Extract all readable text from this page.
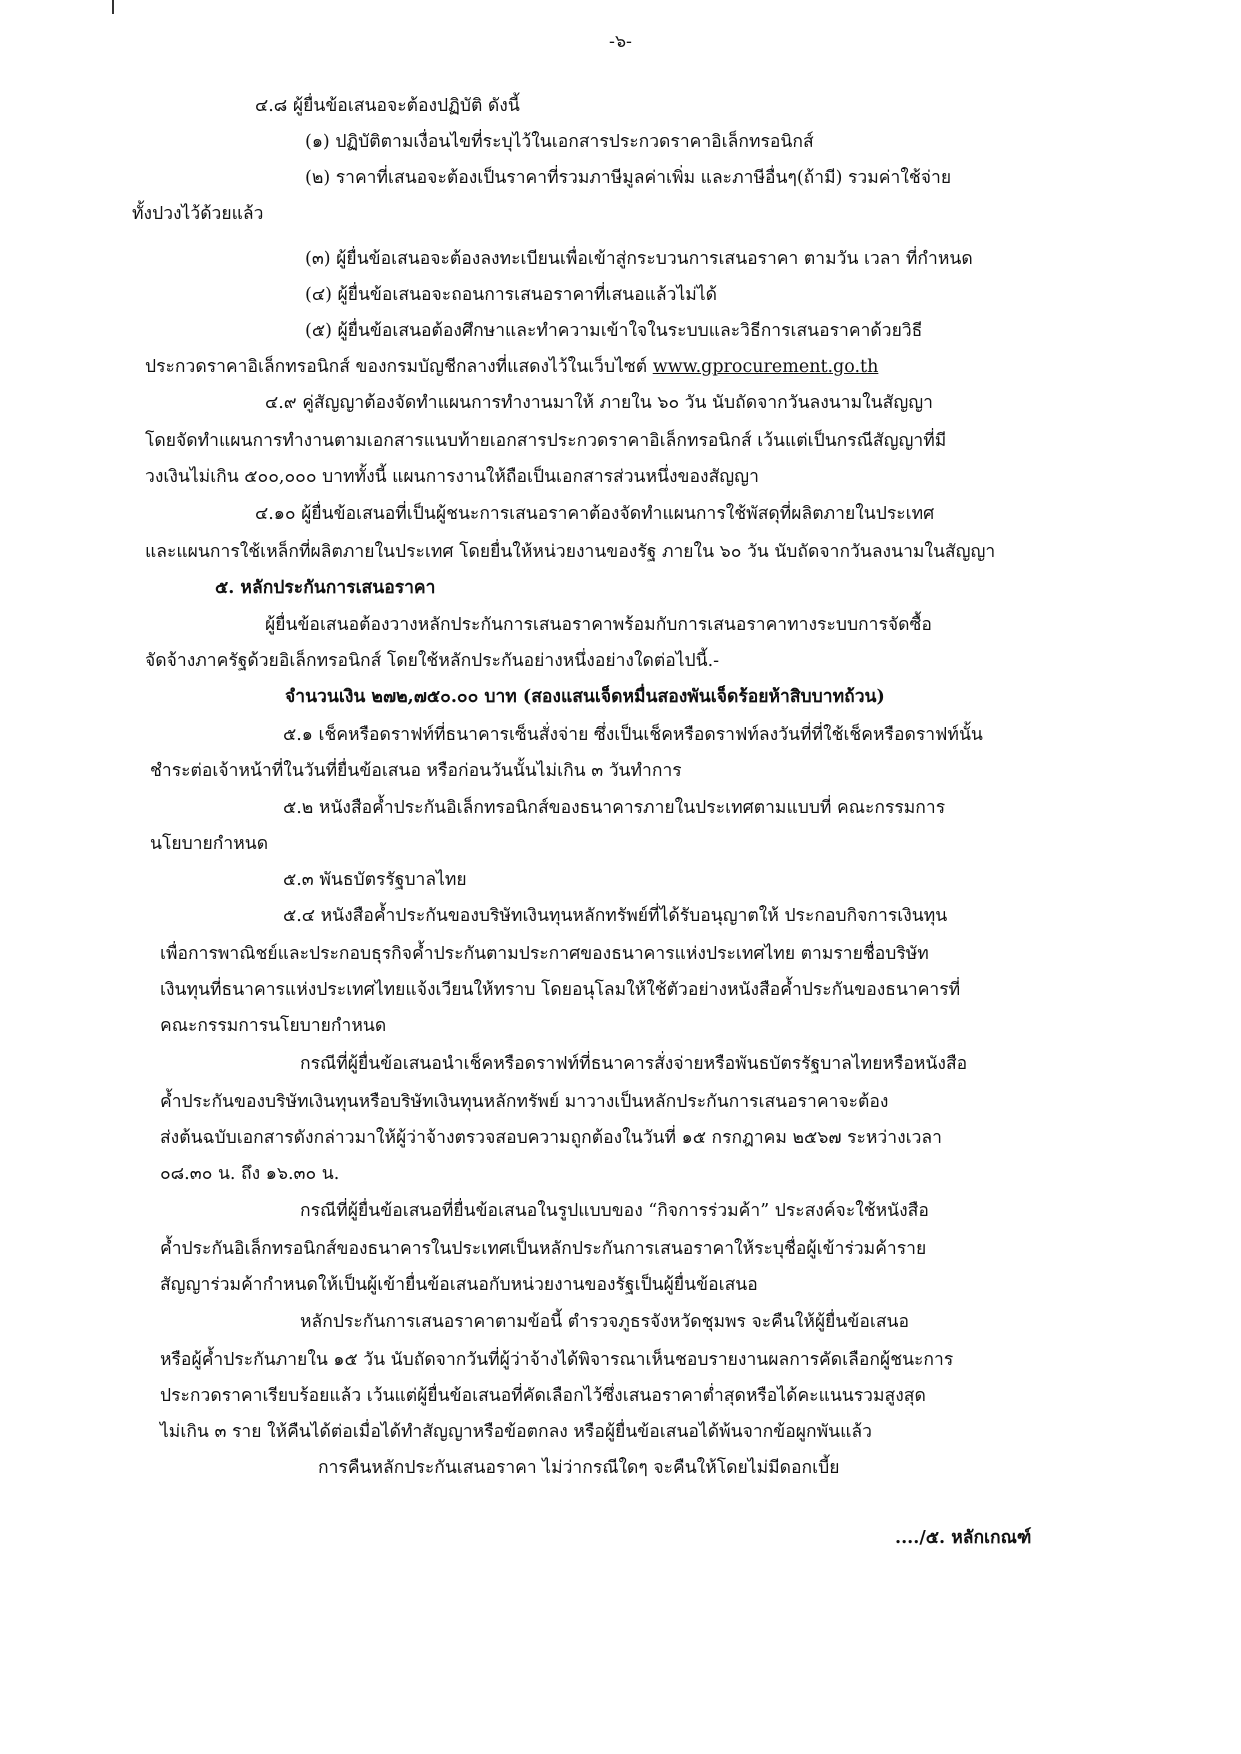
-๖-
๔.๘ ผู้ยื่นข้อเสนอจะต้องปฏิบัติ ดังนี้
(๑) ปฏิบัติตามเงื่อนไขที่ระบุไว้ในเอกสารประกวดราคาอิเล็กทรอนิกส์
(๒) ราคาที่เสนอจะต้องเป็นราคาที่รวมภาษีมูลค่าเพิ่ม และภาษีอื่นๆ(ถ้ามี) รวมค่าใช้จ่าย
ทั้งปวงไว้ด้วยแล้ว
(๓) ผู้ยื่นข้อเสนอจะต้องลงทะเบียนเพื่อเข้าสู่กระบวนการเสนอราคา ตามวัน เวลา ที่กำหนด
(๔) ผู้ยื่นข้อเสนอจะถอนการเสนอราคาที่เสนอแล้วไม่ได้
(๕) ผู้ยื่นข้อเสนอต้องศึกษาและทำความเข้าใจในระบบและวิธีการเสนอราคาด้วยวิธี
ประกวดราคาอิเล็กทรอนิกส์ ของกรมบัญชีกลางที่แสดงไว้ในเว็บไซต์ www.gprocurement.go.th
๔.๙ คู่สัญญาต้องจัดทำแผนการทำงานมาให้ ภายใน ๖๐ วัน นับถัดจากวันลงนามในสัญญา
โดยจัดทำแผนการทำงานตามเอกสารแนบท้ายเอกสารประกวดราคาอิเล็กทรอนิกส์ เว้นแต่เป็นกรณีสัญญาที่มี
วงเงินไม่เกิน ๕๐๐,๐๐๐ บาททั้งนี้ แผนการงานให้ถือเป็นเอกสารส่วนหนึ่งของสัญญา
๔.๑๐ ผู้ยื่นข้อเสนอที่เป็นผู้ชนะการเสนอราคาต้องจัดทำแผนการใช้พัสดุที่ผลิตภายในประเทศ
และแผนการใช้เหล็กที่ผลิตภายในประเทศ โดยยื่นให้หน่วยงานของรัฐ ภายใน ๖๐ วัน นับถัดจากวันลงนามในสัญญา
๕. หลักประกันการเสนอราคา
ผู้ยื่นข้อเสนอต้องวางหลักประกันการเสนอราคาพร้อมกับการเสนอราคาทางระบบการจัดซื้อ
จัดจ้างภาครัฐด้วยอิเล็กทรอนิกส์ โดยใช้หลักประกันอย่างหนึ่งอย่างใดต่อไปนี้.-
จำนวนเงิน ๒๗๒,๗๕๐.๐๐ บาท (สองแสนเจ็ดหมื่นสองพันเจ็ดร้อยห้าสิบบาทถ้วน)
๕.๑ เช็คหรือดราฟท์ที่ธนาคารเซ็นสั่งจ่าย ซึ่งเป็นเช็คหรือดราฟท์ลงวันที่ที่ใช้เช็คหรือดราฟท์นั้น
ชำระต่อเจ้าหน้าที่ในวันที่ยื่นข้อเสนอ หรือก่อนวันนั้นไม่เกิน ๓ วันทำการ
๕.๒ หนังสือค้ำประกันอิเล็กทรอนิกส์ของธนาคารภายในประเทศตามแบบที่ คณะกรรมการ
นโยบายกำหนด
๕.๓ พันธบัตรรัฐบาลไทย
๕.๔ หนังสือค้ำประกันของบริษัทเงินทุนหลักทรัพย์ที่ได้รับอนุญาตให้ ประกอบกิจการเงินทุน
เพื่อการพาณิชย์และประกอบธุรกิจค้ำประกันตามประกาศของธนาคารแห่งประเทศไทย ตามรายชื่อบริษัท
เงินทุนที่ธนาคารแห่งประเทศไทยแจ้งเวียนให้ทราบ โดยอนุโลมให้ใช้ตัวอย่างหนังสือค้ำประกันของธนาคารที่
คณะกรรมการนโยบายกำหนด
กรณีที่ผู้ยื่นข้อเสนอนำเช็คหรือดราฟท์ที่ธนาคารสั่งจ่ายหรือพันธบัตรรัฐบาลไทยหรือหนังสือ
ค้ำประกันของบริษัทเงินทุนหรือบริษัทเงินทุนหลักทรัพย์ มาวางเป็นหลักประกันการเสนอราคาจะต้อง
ส่งต้นฉบับเอกสารดังกล่าวมาให้ผู้ว่าจ้างตรวจสอบความถูกต้องในวันที่ ๑๕ กรกฎาคม ๒๕๖๗ ระหว่างเวลา
๐๘.๓๐ น. ถึง ๑๖.๓๐ น.
กรณีที่ผู้ยื่นข้อเสนอที่ยื่นข้อเสนอในรูปแบบของ “กิจการร่วมค้า” ประสงค์จะใช้หนังสือ
ค้ำประกันอิเล็กทรอนิกส์ของธนาคารในประเทศเป็นหลักประกันการเสนอราคาให้ระบุชื่อผู้เข้าร่วมค้าราย
สัญญาร่วมค้ากำหนดให้เป็นผู้เข้ายื่นข้อเสนอกับหน่วยงานของรัฐเป็นผู้ยื่นข้อเสนอ
หลักประกันการเสนอราคาตามข้อนี้ ตำรวจภูธรจังหวัดชุมพร จะคืนให้ผู้ยื่นข้อเสนอ
หรือผู้ค้ำประกันภายใน ๑๕ วัน นับถัดจากวันที่ผู้ว่าจ้างได้พิจารณาเห็นชอบรายงานผลการคัดเลือกผู้ชนะการ
ประกวดราคาเรียบร้อยแล้ว เว้นแต่ผู้ยื่นข้อเสนอที่คัดเลือกไว้ซึ่งเสนอราคาต่ำสุดหรือได้คะแนนรวมสูงสุด
ไม่เกิน ๓ ราย ให้คืนได้ต่อเมื่อได้ทำสัญญาหรือข้อตกลง หรือผู้ยื่นข้อเสนอได้พ้นจากข้อผูกพันแล้ว
การคืนหลักประกันเสนอราคา ไม่ว่ากรณีใดๆ จะคืนให้โดยไม่มีดอกเบี้ย
..../๕. หลักเกณฑ์
